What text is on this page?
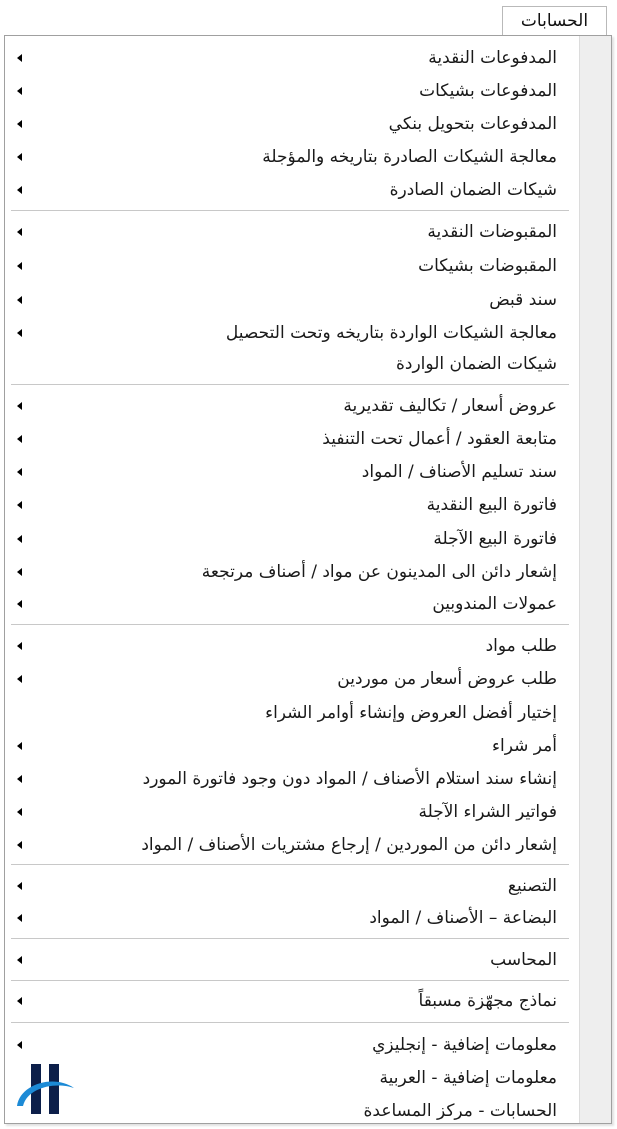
الحسابات
المدفوعات النقدية
المدفوعات بشيكات
المدفوعات بتحويل بنكي
معالجة الشيكات الصادرة بتاريخه والمؤجلة
شيكات الضمان الصادرة
المقبوضات النقدية
المقبوضات بشيكات
سند قبض
معالجة الشيكات الواردة بتاريخه وتحت التحصيل
شيكات الضمان الواردة
عروض أسعار / تكاليف تقديرية
متابعة العقود / أعمال تحت التنفيذ
سند تسليم الأصناف / المواد
فاتورة البيع النقدية
فاتورة البيع الآجلة
إشعار دائن الى المدينون عن مواد / أصناف مرتجعة
عمولات المندوبين
طلب مواد
طلب عروض أسعار من موردين
إختيار أفضل العروض وإنشاء أوامر الشراء
أمر شراء
إنشاء سند استلام الأصناف / المواد دون وجود فاتورة المورد
فواتير الشراء الآجلة
إشعار دائن من الموردين / إرجاع مشتريات الأصناف / المواد
التصنيع
البضاعة – الأصناف / المواد
المحاسب
نماذج مجهّزة مسبقاً
معلومات إضافية - إنجليزي
معلومات إضافية - العربية
الحسابات - مركز المساعدة
